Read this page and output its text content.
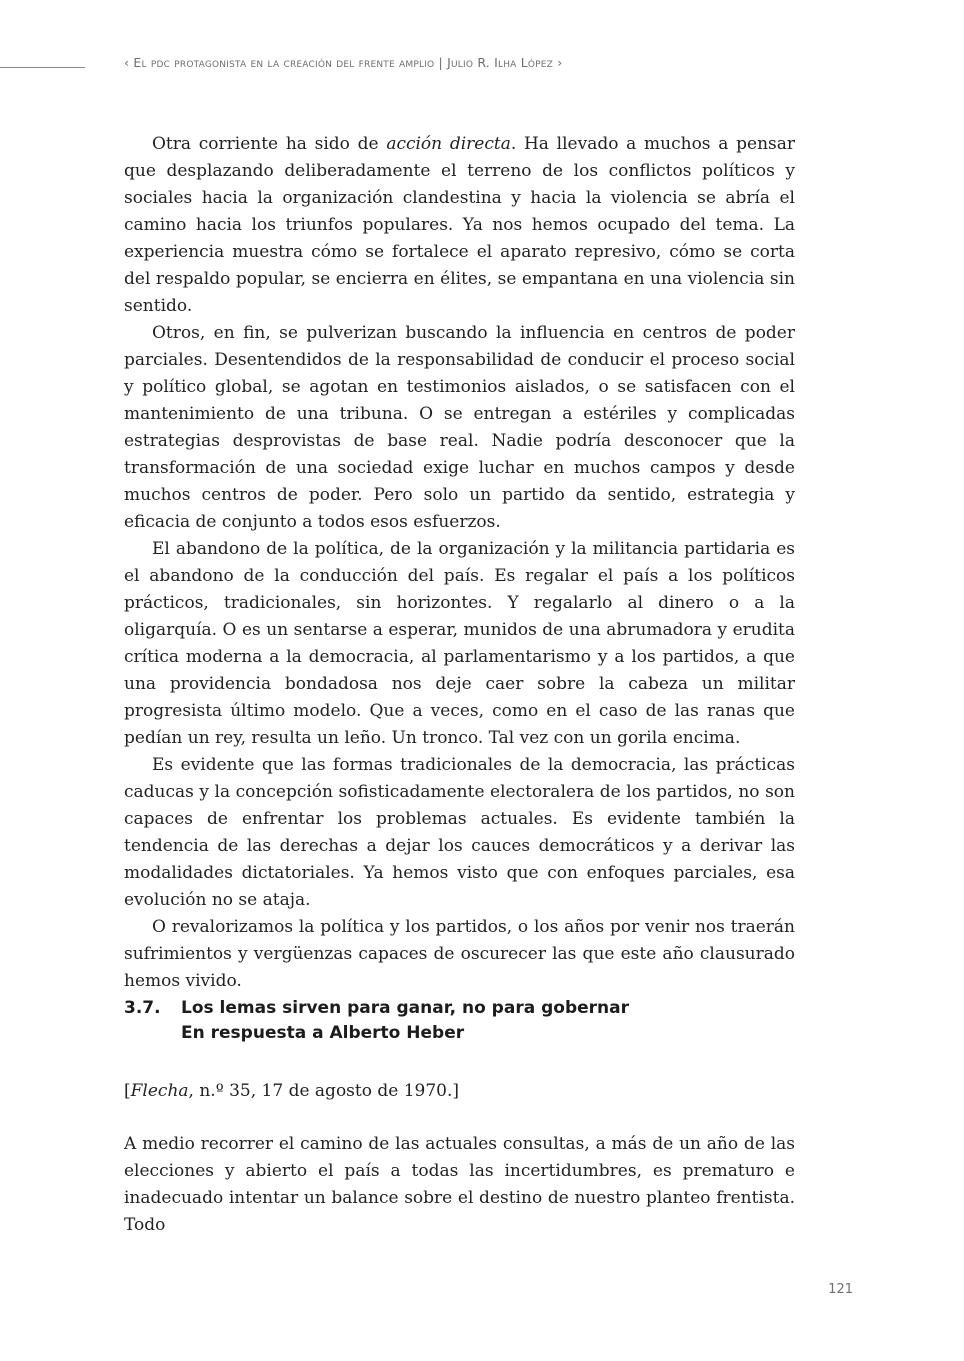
‹ El pdc protagonista en la creación del frente amplio | Julio R. Ilha López ›

Otra corriente ha sido de acción directa. Ha llevado a muchos a pensar que desplazando deliberadamente el terreno de los conflictos políticos y sociales hacia la organización clandestina y hacia la violencia se abría el camino hacia los triunfos populares. Ya nos hemos ocupado del tema. La experiencia muestra cómo se fortalece el aparato represivo, cómo se corta del respaldo popular, se encierra en élites, se empantana en una violencia sin sentido.

Otros, en fin, se pulverizan buscando la influencia en centros de poder parciales. Desentendidos de la responsabilidad de conducir el proceso social y político global, se agotan en testimonios aislados, o se satisfacen con el mantenimiento de una tribuna. O se entregan a estériles y complicadas estrategias desprovistas de base real. Nadie podría desconocer que la transformación de una sociedad exige luchar en muchos campos y desde muchos centros de poder. Pero solo un partido da sentido, estrategia y eficacia de conjunto a todos esos esfuerzos.

El abandono de la política, de la organización y la militancia partidaria es el abandono de la conducción del país. Es regalar el país a los políticos prácticos, tradicionales, sin horizontes. Y regalarlo al dinero o a la oligarquía. O es un sentarse a esperar, munidos de una abrumadora y erudita crítica moderna a la democracia, al parlamentarismo y a los partidos, a que una providencia bondadosa nos deje caer sobre la cabeza un militar progresista último modelo. Que a veces, como en el caso de las ranas que pedían un rey, resulta un leño. Un tronco. Tal vez con un gorila encima.

Es evidente que las formas tradicionales de la democracia, las prácticas caducas y la concepción sofisticadamente electoralera de los partidos, no son capaces de enfrentar los problemas actuales. Es evidente también la tendencia de las derechas a dejar los cauces democráticos y a derivar las modalidades dictatoriales. Ya hemos visto que con enfoques parciales, esa evolución no se ataja.

O revalorizamos la política y los partidos, o los años por venir nos traerán sufrimientos y vergüenzas capaces de oscurecer las que este año clausurado hemos vivido.

3.7. Los lemas sirven para ganar, no para gobernar
En respuesta a Alberto Heber
[Flecha, n.º 35, 17 de agosto de 1970.]

A medio recorrer el camino de las actuales consultas, a más de un año de las elecciones y abierto el país a todas las incertidumbres, es prematuro e inadecuado intentar un balance sobre el destino de nuestro planteo frentista. Todo

121
